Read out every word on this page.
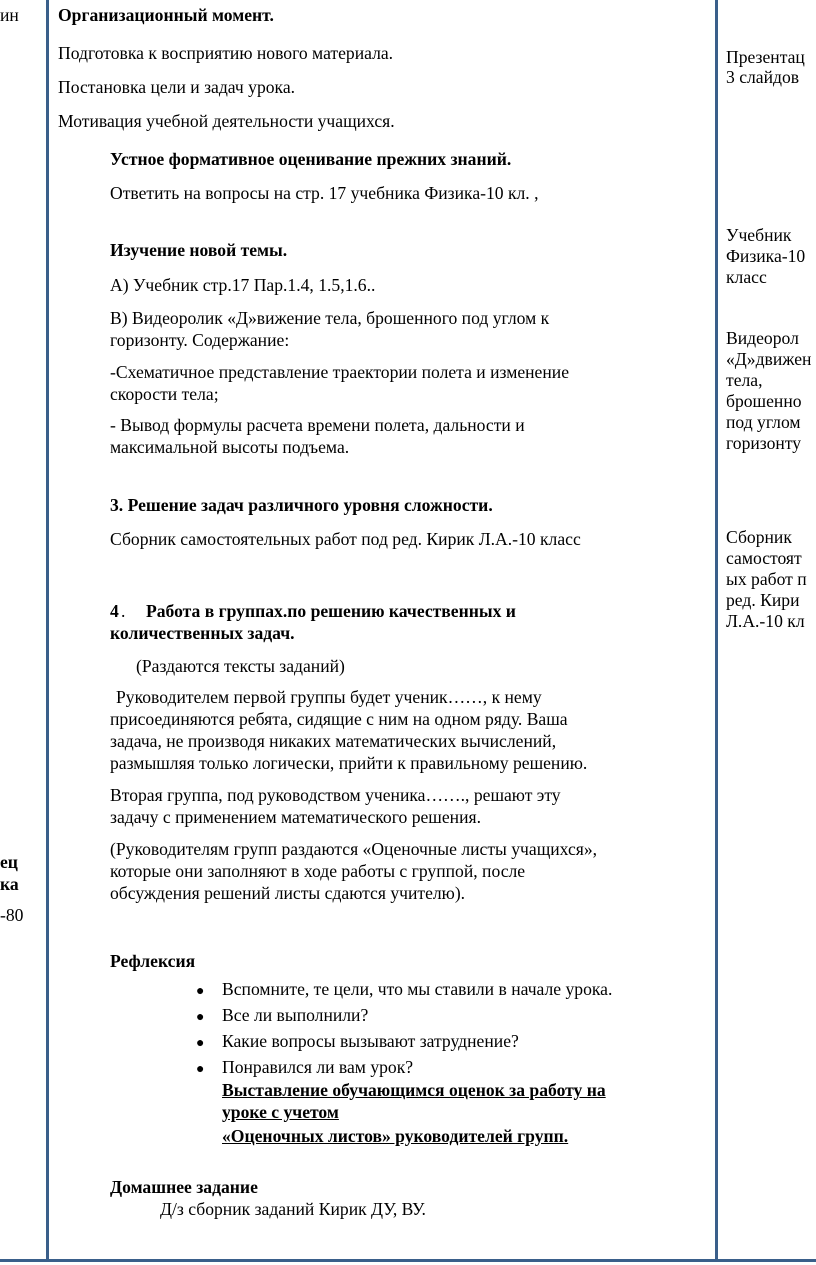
ин
ец
ка
-80
Организационный момент.
Подготовка к восприятию нового материала.
Постановка цели и задач урока.
Мотивация учебной деятельности учащихся.
Устное формативное оценивание прежних знаний.
Ответить на вопросы на стр. 17 учебника Физика-10 кл. ,
Изучение новой темы.
А) Учебник стр.17 Пар.1.4, 1.5,1.6..
В) Видеоролик «Д»вижение тела, брошенного под углом к
горизонту. Содержание:
-Схематичное представление траектории полета и изменение
скорости тела;
- Вывод формулы расчета времени полета, дальности и
максимальной высоты подъема.
3. Решение задач различного уровня сложности.
Сборник самостоятельных работ под ред. Кирик Л.А.-10 класс
4 . Работа в группах.по решению качественных и
количественных задач.
(Раздаются тексты заданий)
Руководителем первой группы будет ученик……, к нему
присоединяются ребята, сидящие с ним на одном ряду. Ваша
задача, не производя никаких математических вычислений,
размышляя только логически, прийти к правильному решению.
Вторая группа, под руководством ученика……., решают эту
задачу с применением математического решения.
(Руководителям групп раздаются «Оценочные листы учащихся»,
которые они заполняют в ходе работы с группой, после
обсуждения решений листы сдаются учителю).
Рефлексия
● Вспомните, те цели, что мы ставили в начале урока.
● Все ли выполнили?
● Какие вопросы вызывают затруднение?
● Понравился ли вам урок?
Выставление обучающимся оценок за работу на
уроке с учетом
«Оценочных листов» руководителей групп.
Домашнее задание
Д/з сборник заданий Кирик ДУ, ВУ.
Презентац
3 слайдов
Учебник
Физика-10
класс
Видеорол
«Д»движен
тела,
брошенно
под углом
горизонту
Сборник
самостоят
ых работ п
ред. Кири
Л.А.-10 кл
